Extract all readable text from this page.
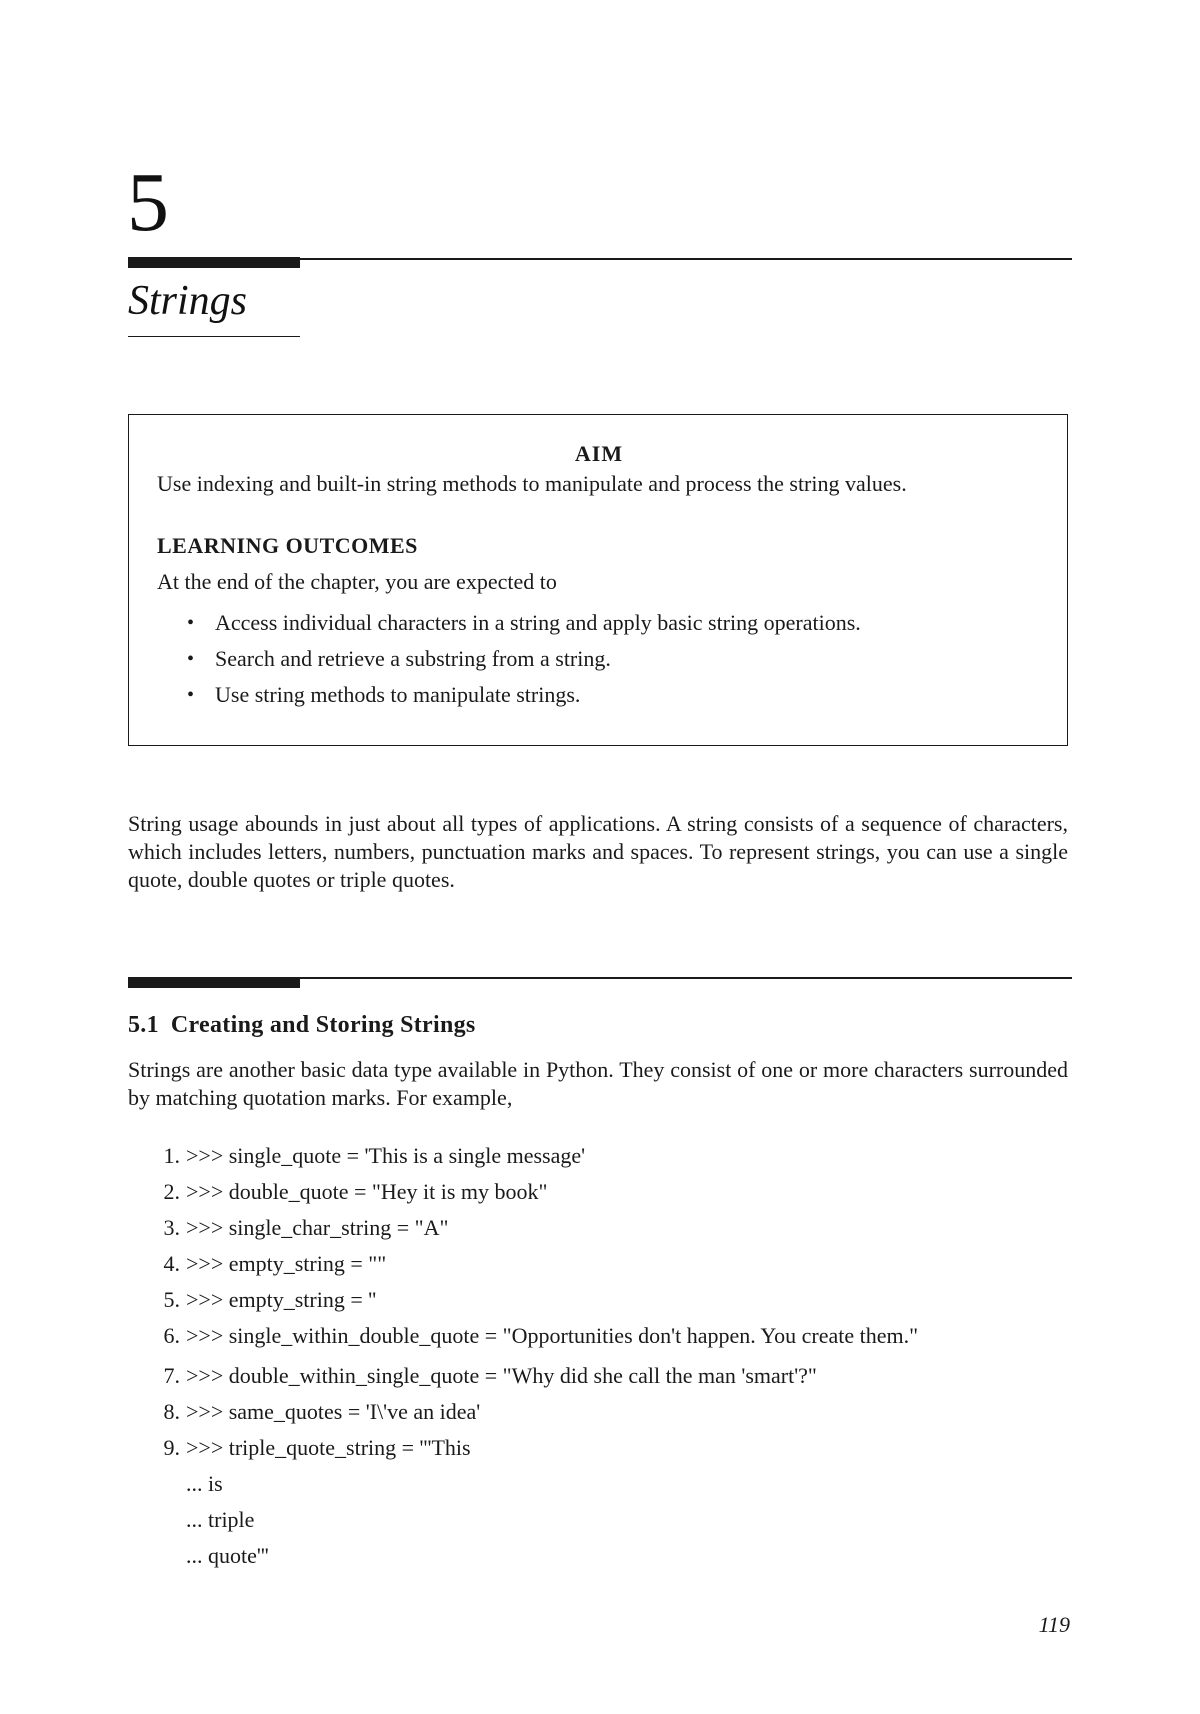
5
Strings
AIM
Use indexing and built-in string methods to manipulate and process the string values.
LEARNING OUTCOMES
At the end of the chapter, you are expected to
• Access individual characters in a string and apply basic string operations.
• Search and retrieve a substring from a string.
• Use string methods to manipulate strings.
String usage abounds in just about all types of applications. A string consists of a sequence of characters, which includes letters, numbers, punctuation marks and spaces. To represent strings, you can use a single quote, double quotes or triple quotes.
5.1 Creating and Storing Strings
Strings are another basic data type available in Python. They consist of one or more characters surrounded by matching quotation marks. For example,
1. >>> single_quote = 'This is a single message'
2. >>> double_quote = "Hey it is my book"
3. >>> single_char_string = "A"
4. >>> empty_string = ""
5. >>> empty_string = ''
6. >>> single_within_double_quote = "Opportunities don't happen. You create them."
7. >>> double_within_single_quote = "Why did she call the man 'smart'?"
8. >>> same_quotes = 'I\'ve an idea'
9. >>> triple_quote_string = '''This
... is
... triple
... quote'''
119
